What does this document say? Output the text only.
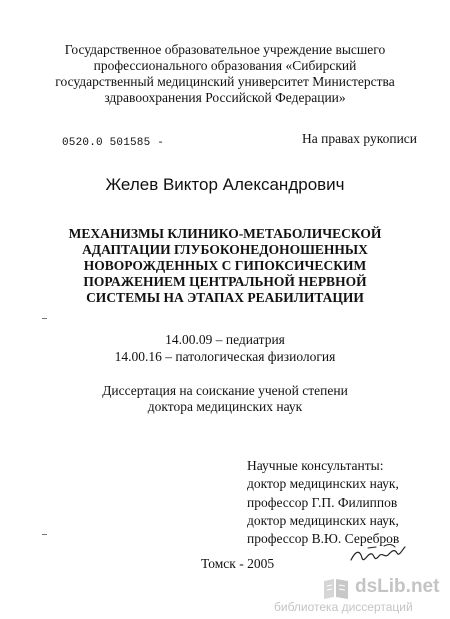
Государственное образовательное учреждение высшего
профессионального образования «Сибирский
государственный медицинский университет Министерства
здравоохранения Российской Федерации»
0520.0 501585 -	На правах рукописи
Желев Виктор Александрович
МЕХАНИЗМЫ КЛИНИКО-МЕТАБОЛИЧЕСКОЙ
АДАПТАЦИИ ГЛУБОКОНЕДОНОШЕННЫХ
НОВОРОЖДЕННЫХ С ГИПОКСИЧЕСКИМ
ПОРАЖЕНИЕМ ЦЕНТРАЛЬНОЙ НЕРВНОЙ
СИСТЕМЫ НА ЭТАПАХ РЕАБИЛИТАЦИИ
14.00.09 – педиатрия
14.00.16 – патологическая физиология
Диссертация на соискание ученой степени
доктора медицинских наук
Научные консультанты:
доктор медицинских наук,
профессор Г.П. Филиппов
доктор медицинских наук,
профессор В.Ю. Серебров
Томск - 2005
dsLib.net
библиотека диссертаций
